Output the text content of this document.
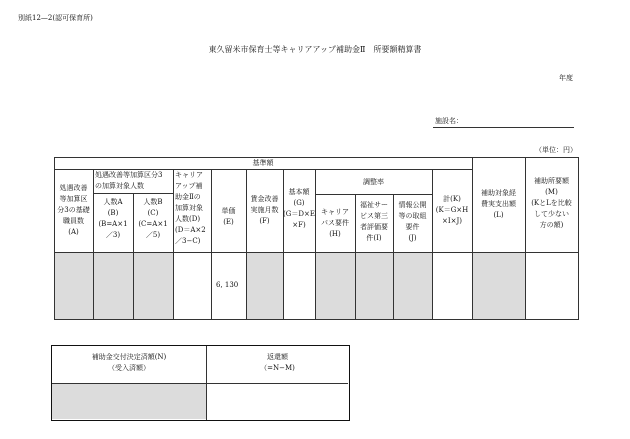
別紙12—2(認可保育所)
東久留米市保育士等キャリアアップ補助金Ⅱ　所要額精算書
年度
施設名：
（単位：円）
基準額
処遇改善
等加算区
分3の基礎
職員数
(A)
処遇改善等加算区分3
の加算対象人数
人数A
(B)
(B=A×1
／3)
人数B
(C)
(C=A×1
／5)
キャリア
アップ補
助金Ⅱの
加算対象
人数(D)
(D＝A×2
／3−C)
単価
(E)
賃金改善
実施月数
(F)
基本額
(G)
(G＝D×E
×F)
調整率
キャリア
パス要件
(H)
福祉サー
ビス第三
者評価要
件(I)
情報公開
等の取組
要件
(J)
計(K)
(K＝G×H
×I×J)
補助対象経
費実支出額
(L)
補助所要額
(M)
(KとLを比較
して少ない
方の額)
6, 130
補助金交付決定済額(N)
（受入済額）
返還額
（=N−M)
